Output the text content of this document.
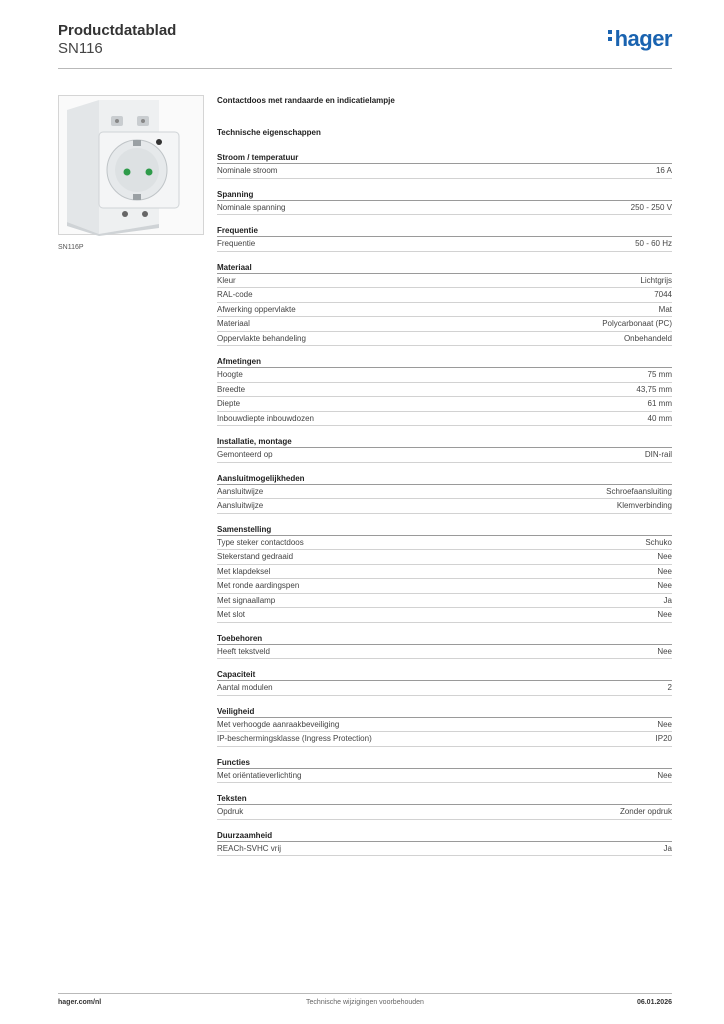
Productdatablad
SN116	hager
SN116P
Contactdoos met randaarde en indicatielampje
Technische eigenschappen
Stroom / temperatuur
Nominale stroom	16 A
Spanning
Nominale spanning	250 - 250 V
Frequentie
Frequentie	50 - 60 Hz
Materiaal
Kleur	Lichtgrijs
RAL-code	7044
Afwerking oppervlakte	Mat
Materiaal	Polycarbonaat (PC)
Oppervlakte behandeling	Onbehandeld
Afmetingen
Hoogte	75 mm
Breedte	43,75 mm
Diepte	61 mm
Inbouwdiepte inbouwdozen	40 mm
Installatie, montage
Gemonteerd op	DIN-rail
Aansluitmogelijkheden
Aansluitwijze	Schroefaansluiting
Aansluitwijze	Klemverbinding
Samenstelling
Type steker contactdoos	Schuko
Stekerstand gedraaid	Nee
Met klapdeksel	Nee
Met ronde aardingspen	Nee
Met signaallamp	Ja
Met slot	Nee
Toebehoren
Heeft tekstveld	Nee
Capaciteit
Aantal modulen	2
Veiligheid
Met verhoogde aanraakbeveiliging	Nee
IP-beschermingsklasse (Ingress Protection)	IP20
Functies
Met oriëntatieverlichting	Nee
Teksten
Opdruk	Zonder opdruk
Duurzaamheid
REACh-SVHC vrij	Ja
hager.com/nl	Technische wijzigingen voorbehouden	06.01.2026
